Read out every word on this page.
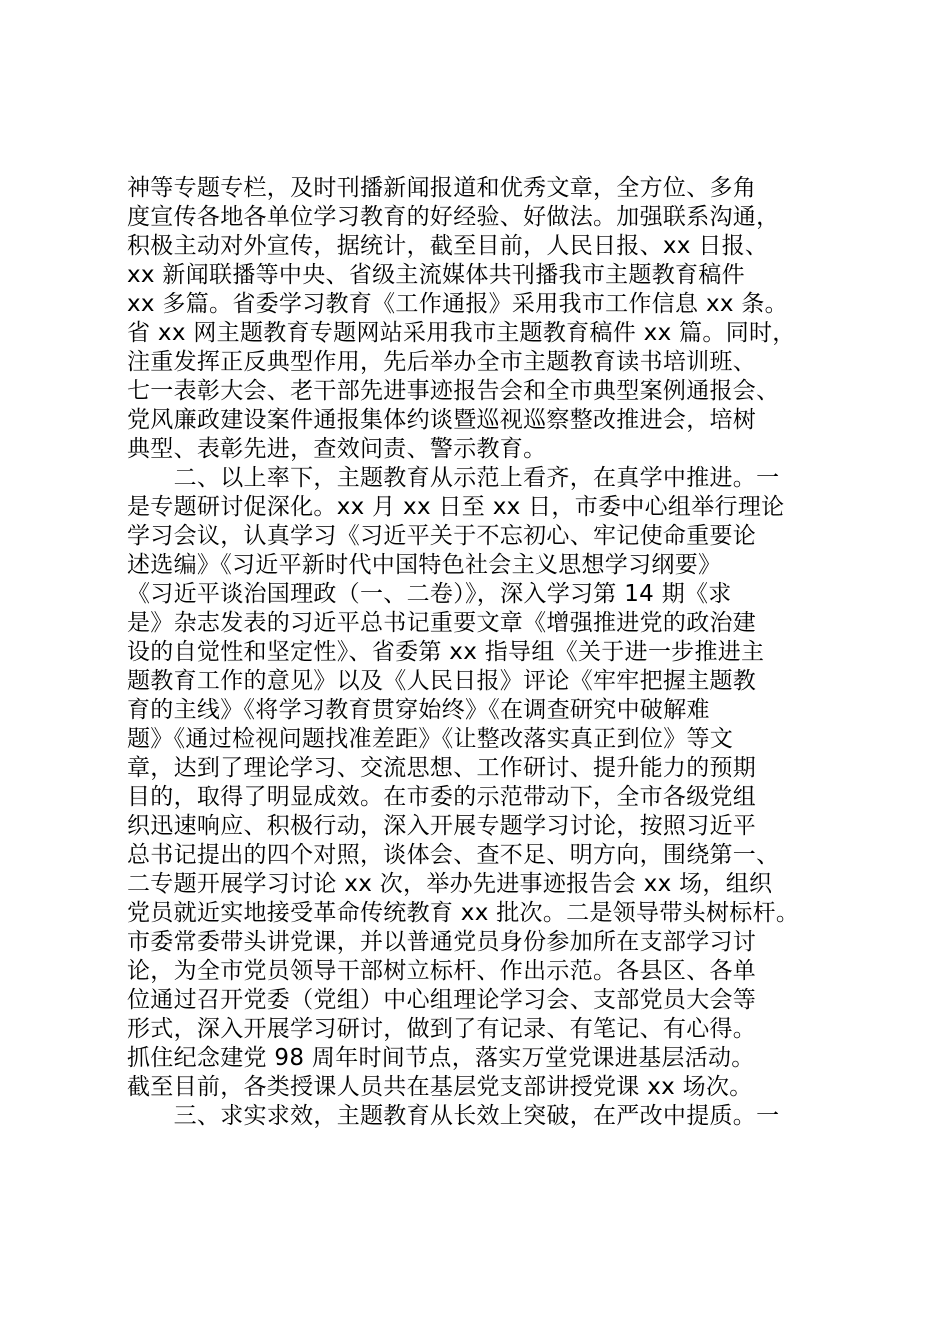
神等专题专栏，及时刊播新闻报道和优秀文章，全方位、多角
度宣传各地各单位学习教育的好经验、好做法。加强联系沟通，
积极主动对外宣传，据统计，截至目前，人民日报、xx 日报、
xx 新闻联播等中央、省级主流媒体共刊播我市主题教育稿件
xx 多篇。省委学习教育《工作通报》采用我市工作信息 xx 条。
省 xx 网主题教育专题网站采用我市主题教育稿件 xx 篇。同时，
注重发挥正反典型作用，先后举办全市主题教育读书培训班、
七一表彰大会、老干部先进事迹报告会和全市典型案例通报会、
党风廉政建设案件通报集体约谈暨巡视巡察整改推进会，培树
典型、表彰先进，查效问责、警示教育。
　　二、以上率下，主题教育从示范上看齐，在真学中推进。一
是专题研讨促深化。xx 月 xx 日至 xx 日，市委中心组举行理论
学习会议，认真学习《习近平关于不忘初心、牢记使命重要论
述选编》《习近平新时代中国特色社会主义思想学习纲要》
《习近平谈治国理政（一、二卷）》，深入学习第 14 期《求
是》杂志发表的习近平总书记重要文章《增强推进党的政治建
设的自觉性和坚定性》、省委第 xx 指导组《关于进一步推进主
题教育工作的意见》以及《人民日报》评论《牢牢把握主题教
育的主线》《将学习教育贯穿始终》《在调查研究中破解难
题》《通过检视问题找准差距》《让整改落实真正到位》等文
章，达到了理论学习、交流思想、工作研讨、提升能力的预期
目的，取得了明显成效。在市委的示范带动下，全市各级党组
织迅速响应、积极行动，深入开展专题学习讨论，按照习近平
总书记提出的四个对照，谈体会、查不足、明方向，围绕第一、
二专题开展学习讨论 xx 次，举办先进事迹报告会 xx 场，组织
党员就近实地接受革命传统教育 xx 批次。二是领导带头树标杆。
市委常委带头讲党课，并以普通党员身份参加所在支部学习讨
论，为全市党员领导干部树立标杆、作出示范。各县区、各单
位通过召开党委（党组）中心组理论学习会、支部党员大会等
形式，深入开展学习研讨，做到了有记录、有笔记、有心得。
抓住纪念建党 98 周年时间节点，落实万堂党课进基层活动。
截至目前，各类授课人员共在基层党支部讲授党课 xx 场次。
　　三、求实求效，主题教育从长效上突破，在严改中提质。一
